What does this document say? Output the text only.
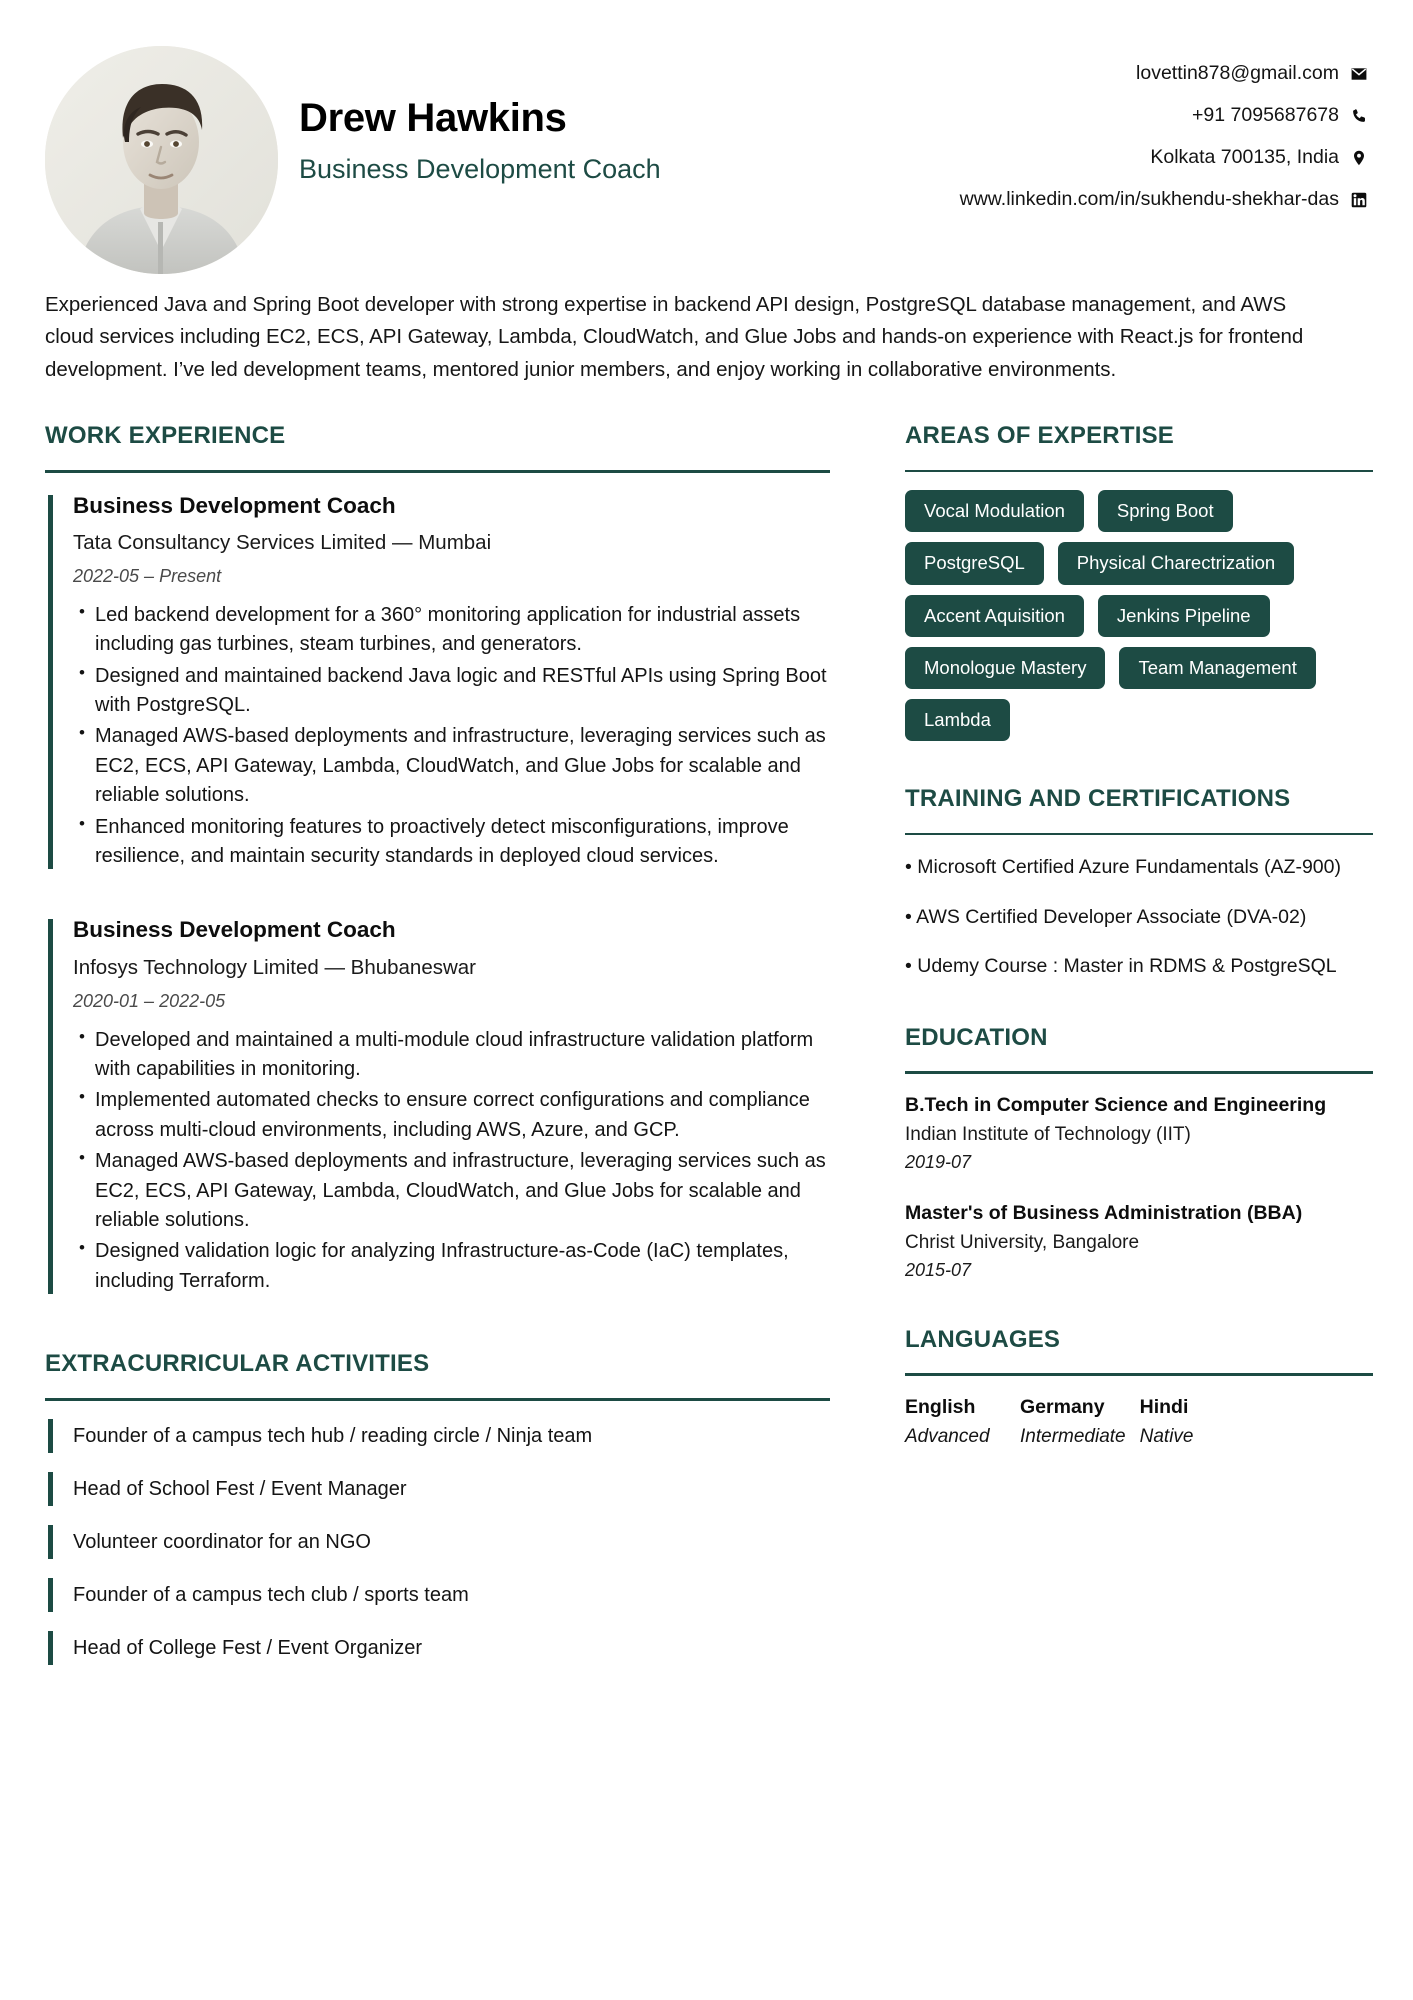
Drew Hawkins
Business Development Coach
lovettin878@gmail.com
+91 7095687678
Kolkata 700135, India
www.linkedin.com/in/sukhendu-shekhar-das
Experienced Java and Spring Boot developer with strong expertise in backend API design, PostgreSQL database management, and AWS cloud services including EC2, ECS, API Gateway, Lambda, CloudWatch, and Glue Jobs and hands-on experience with React.js for frontend development. I’ve led development teams, mentored junior members, and enjoy working in collaborative environments.
WORK EXPERIENCE
Business Development Coach
Tata Consultancy Services Limited — Mumbai
2022-05 – Present
• Led backend development for a 360° monitoring application for industrial assets including gas turbines, steam turbines, and generators.
• Designed and maintained backend Java logic and RESTful APIs using Spring Boot with PostgreSQL.
• Managed AWS-based deployments and infrastructure, leveraging services such as EC2, ECS, API Gateway, Lambda, CloudWatch, and Glue Jobs for scalable and reliable solutions.
• Enhanced monitoring features to proactively detect misconfigurations, improve resilience, and maintain security standards in deployed cloud services.
Business Development Coach
Infosys Technology Limited — Bhubaneswar
2020-01 – 2022-05
• Developed and maintained a multi-module cloud infrastructure validation platform with capabilities in monitoring.
• Implemented automated checks to ensure correct configurations and compliance across multi-cloud environments, including AWS, Azure, and GCP.
• Managed AWS-based deployments and infrastructure, leveraging services such as EC2, ECS, API Gateway, Lambda, CloudWatch, and Glue Jobs for scalable and reliable solutions.
• Designed validation logic for analyzing Infrastructure-as-Code (IaC) templates, including Terraform.
EXTRACURRICULAR ACTIVITIES
Founder of a campus tech hub / reading circle / Ninja team
Head of School Fest / Event Manager
Volunteer coordinator for an NGO
Founder of a campus tech club / sports team
Head of College Fest / Event Organizer
AREAS OF EXPERTISE
Vocal Modulation	Spring Boot
PostgreSQL	Physical Charectrization
Accent Aquisition	Jenkins Pipeline
Monologue Mastery	Team Management
Lambda
TRAINING AND CERTIFICATIONS
• Microsoft Certified Azure Fundamentals (AZ-900)
• AWS Certified Developer Associate (DVA-02)
• Udemy Course : Master in RDMS & PostgreSQL
EDUCATION
B.Tech in Computer Science and Engineering
Indian Institute of Technology (IIT)
2019-07
Master's of Business Administration (BBA)
Christ University, Bangalore
2015-07
LANGUAGES
English
Advanced
Germany
Intermediate
Hindi
Native
